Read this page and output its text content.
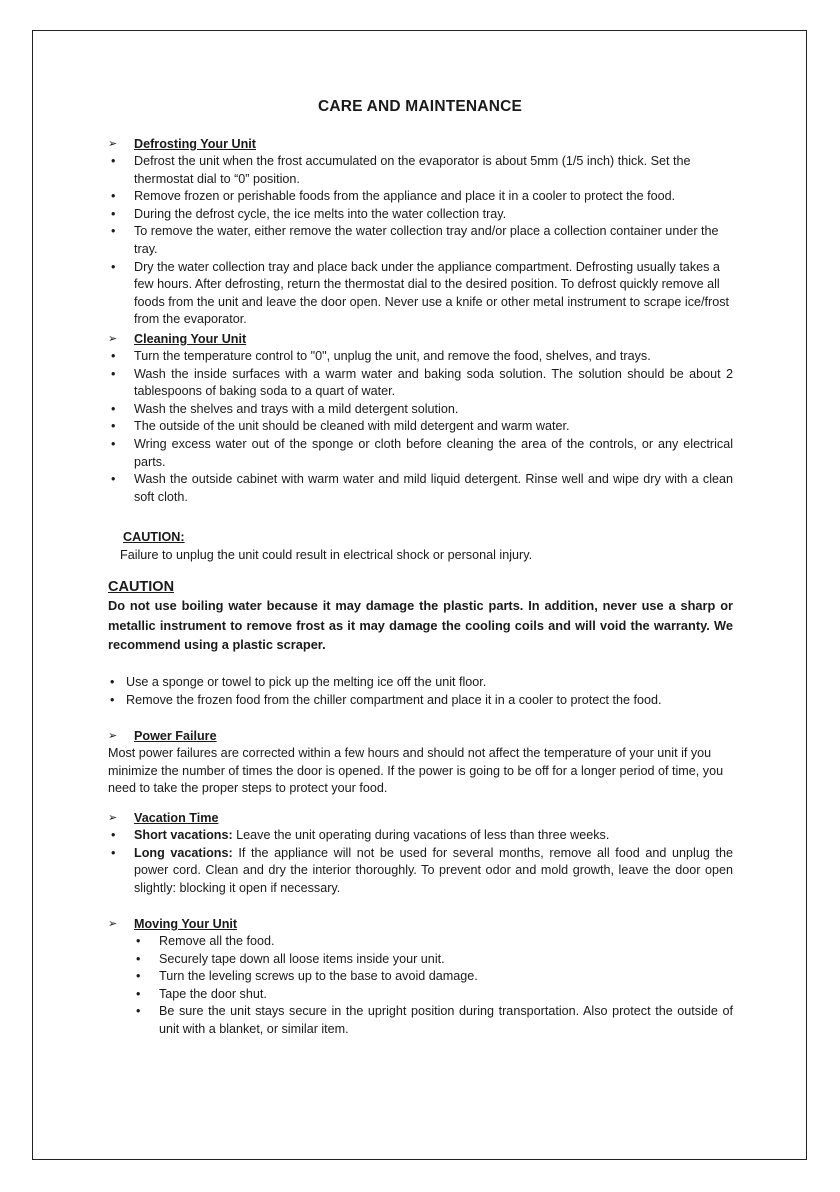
CARE AND MAINTENANCE
➢ Defrosting Your Unit
• Defrost the unit when the frost accumulated on the evaporator is about 5mm (1/5 inch) thick. Set the thermostat dial to “0” position.
• Remove frozen or perishable foods from the appliance and place it in a cooler to protect the food.
• During the defrost cycle, the ice melts into the water collection tray.
• To remove the water, either remove the water collection tray and/or place a collection container under the tray.
• Dry the water collection tray and place back under the appliance compartment. Defrosting usually takes a few hours. After defrosting, return the thermostat dial to the desired position. To defrost quickly remove all foods from the unit and leave the door open. Never use a knife or other metal instrument to scrape ice/frost from the evaporator.
➢ Cleaning Your Unit
• Turn the temperature control to "0", unplug the unit, and remove the food, shelves, and trays.
• Wash the inside surfaces with a warm water and baking soda solution. The solution should be about 2 tablespoons of baking soda to a quart of water.
• Wash the shelves and trays with a mild detergent solution.
• The outside of the unit should be cleaned with mild detergent and warm water.
• Wring excess water out of the sponge or cloth before cleaning the area of the controls, or any electrical parts.
• Wash the outside cabinet with warm water and mild liquid detergent. Rinse well and wipe dry with a clean soft cloth.
CAUTION:
Failure to unplug the unit could result in electrical shock or personal injury.
CAUTION
Do not use boiling water because it may damage the plastic parts. In addition, never use a sharp or metallic instrument to remove frost as it may damage the cooling coils and will void the warranty. We recommend using a plastic scraper.
• Use a sponge or towel to pick up the melting ice off the unit floor.
• Remove the frozen food from the chiller compartment and place it in a cooler to protect the food.
➢ Power Failure
Most power failures are corrected within a few hours and should not affect the temperature of your unit if you minimize the number of times the door is opened. If the power is going to be off for a longer period of time, you need to take the proper steps to protect your food.
➢ Vacation Time
• Short vacations: Leave the unit operating during vacations of less than three weeks.
• Long vacations: If the appliance will not be used for several months, remove all food and unplug the power cord. Clean and dry the interior thoroughly. To prevent odor and mold growth, leave the door open slightly: blocking it open if necessary.
➢ Moving Your Unit
• Remove all the food.
• Securely tape down all loose items inside your unit.
• Turn the leveling screws up to the base to avoid damage.
• Tape the door shut.
• Be sure the unit stays secure in the upright position during transportation. Also protect the outside of unit with a blanket, or similar item.
